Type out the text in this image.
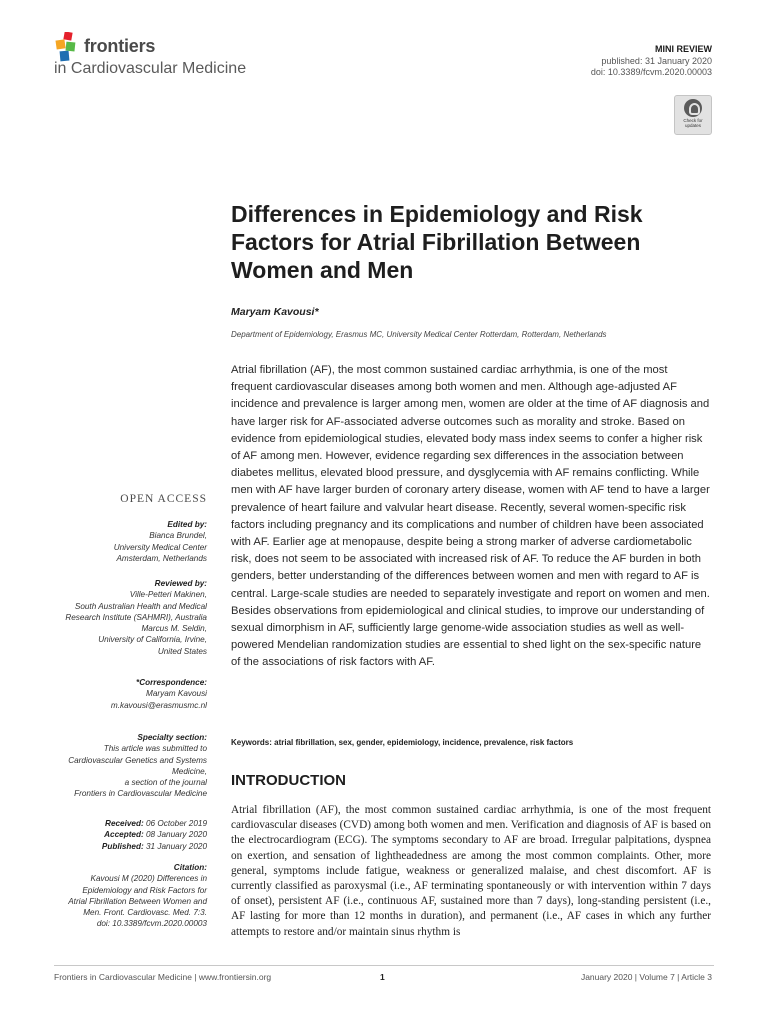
frontiers
in Cardiovascular Medicine
MINI REVIEW
published: 31 January 2020
doi: 10.3389/fcvm.2020.00003
Check for updates
Differences in Epidemiology and Risk Factors for Atrial Fibrillation Between Women and Men
Maryam Kavousi*
Department of Epidemiology, Erasmus MC, University Medical Center Rotterdam, Rotterdam, Netherlands

Atrial fibrillation (AF), the most common sustained cardiac arrhythmia, is one of the most frequent cardiovascular diseases among both women and men. Although age-adjusted AF incidence and prevalence is larger among men, women are older at the time of AF diagnosis and have larger risk for AF-associated adverse outcomes such as morality and stroke. Based on evidence from epidemiological studies, elevated body mass index seems to confer a higher risk of AF among men. However, evidence regarding sex differences in the association between diabetes mellitus, elevated blood pressure, and dysglycemia with AF remains conflicting. While men with AF have larger burden of coronary artery disease, women with AF tend to have a larger prevalence of heart failure and valvular heart disease. Recently, several women-specific risk factors including pregnancy and its complications and number of children have been associated with AF. Earlier age at menopause, despite being a strong marker of adverse cardiometabolic risk, does not seem to be associated with increased risk of AF. To reduce the AF burden in both genders, better understanding of the differences between women and men with regard to AF is central. Large-scale studies are needed to separately investigate and report on women and men. Besides observations from epidemiological and clinical studies, to improve our understanding of sexual dimorphism in AF, sufficiently large genome-wide association studies as well as well-powered Mendelian randomization studies are essential to shed light on the sex-specific nature of the associations of risk factors with AF.

Keywords: atrial fibrillation, sex, gender, epidemiology, incidence, prevalence, risk factors
INTRODUCTION

Atrial fibrillation (AF), the most common sustained cardiac arrhythmia, is one of the most frequent cardiovascular diseases (CVD) among both women and men. Verification and diagnosis of AF is based on the electrocardiogram (ECG). The symptoms secondary to AF are broad. Irregular palpitations, dyspnea on exertion, and sensation of lightheadedness are among the most common complaints. Other, more general, symptoms include fatigue, weakness or generalized malaise, and chest discomfort. AF is currently classified as paroxysmal (i.e., AF terminating spontaneously or with intervention within 7 days of onset), persistent AF (i.e., continuous AF, sustained more than 7 days), long-standing persistent (i.e., AF lasting for more than 12 months in duration), and permanent (i.e., AF cases in which any further attempts to restore and/or maintain sinus rhythm is

OPEN ACCESS
Edited by:
Bianca Brundel,
University Medical Center
Amsterdam, Netherlands
Reviewed by:
Ville-Petteri Makinen,
South Australian Health and Medical
Research Institute (SAHMRI), Australia
Marcus M. Seldin,
University of California, Irvine,
United States
*Correspondence:
Maryam Kavousi
m.kavousi@erasmusmc.nl
Specialty section:
This article was submitted to
Cardiovascular Genetics and Systems
Medicine,
a section of the journal
Frontiers in Cardiovascular Medicine
Received: 06 October 2019
Accepted: 08 January 2020
Published: 31 January 2020
Citation:
Kavousi M (2020) Differences in
Epidemiology and Risk Factors for
Atrial Fibrillation Between Women and
Men. Front. Cardiovasc. Med. 7:3.
doi: 10.3389/fcvm.2020.00003
Frontiers in Cardiovascular Medicine | www.frontiersin.org	1	January 2020 | Volume 7 | Article 3
